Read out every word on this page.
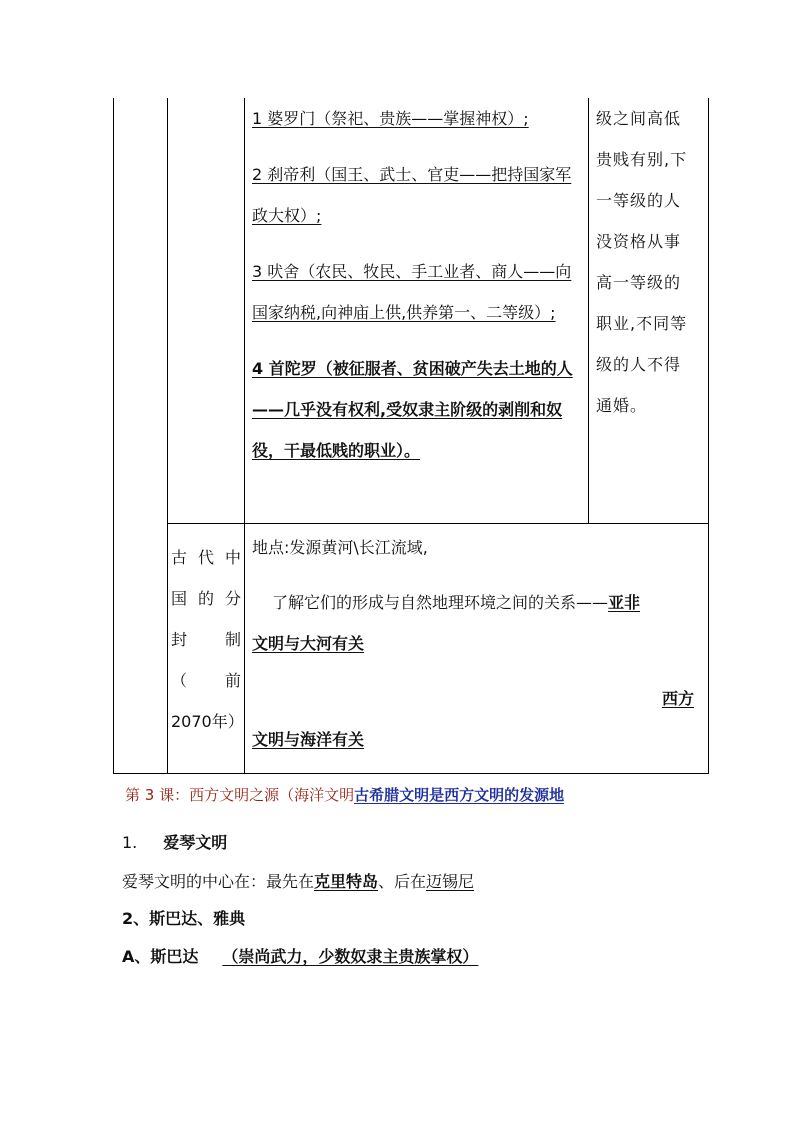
1 婆罗门（祭祀、贵族——掌握神权）;

2 刹帝利（国王、武士、官吏——把持国家军政大权）;

3 吠舍（农民、牧民、手工业者、商人——向国家纳税,向神庙上供,供养第一、二等级）;

4 首陀罗（被征服者、贫困破产失去土地的人——几乎没有权利,受奴隶主阶级的剥削和奴役，干最低贱的职业）。

级之间高低
贵贱有别,下
一等级的人
没资格从事
高一等级的
职业,不同等
级的人不得
通婚。
古代中
国的分
封　制
（　前
2070年）
地点:发源黄河\长江流域,
了解它们的形成与自然地理环境之间的关系——亚非
文明与大河有关
西方
文明与海洋有关
第 3 课：西方文明之源（海洋文明古希腊文明是西方文明的发源地
1. 爱琴文明
爱琴文明的中心在：最先在克里特岛、后在迈锡尼
2、斯巴达、雅典
A、斯巴达 （崇尚武力，少数奴隶主贵族掌权）
